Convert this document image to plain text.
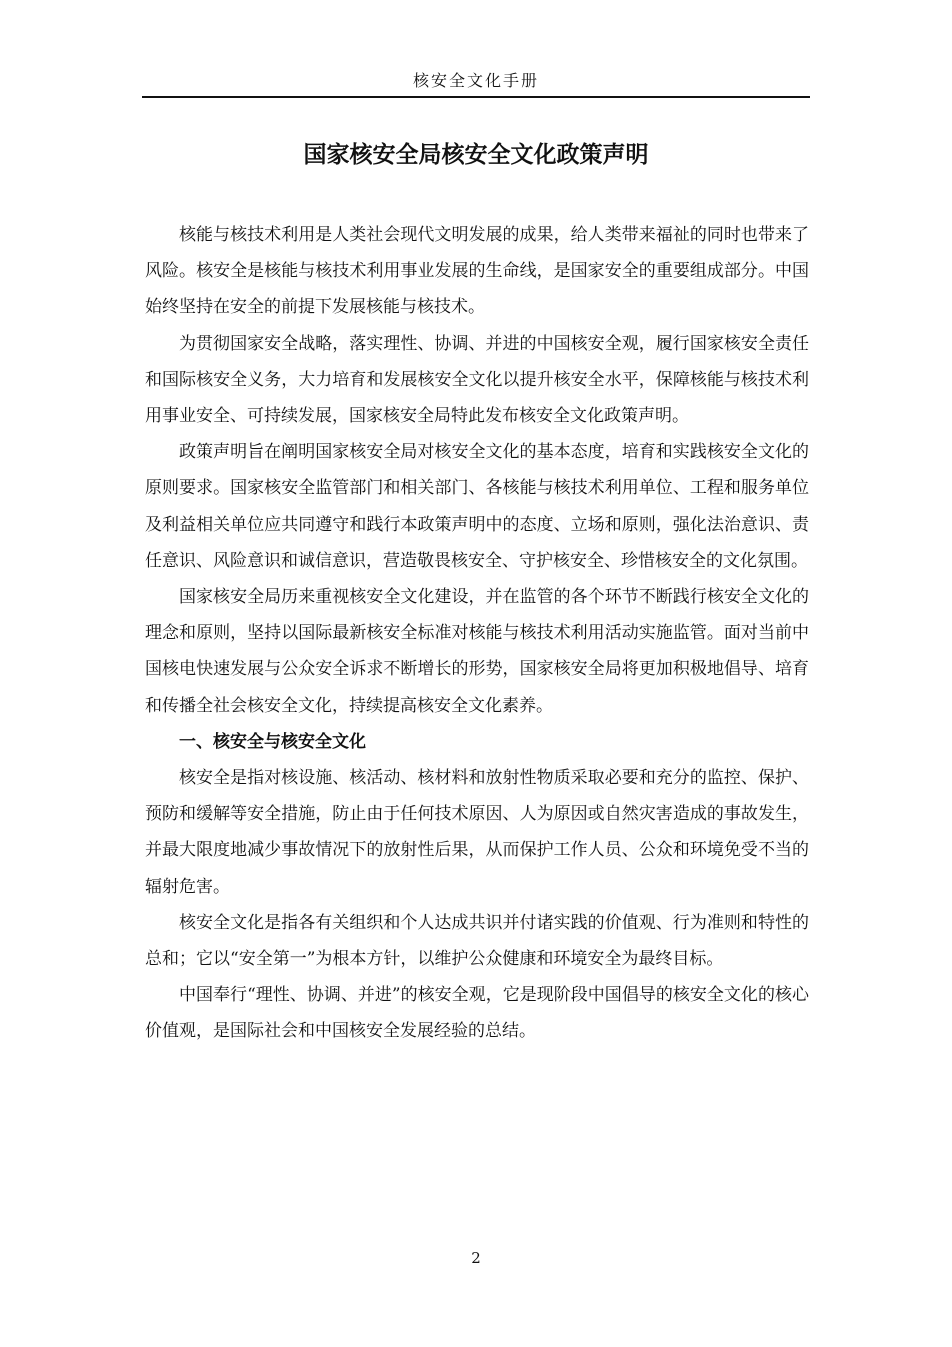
核安全文化手册
国家核安全局核安全文化政策声明

核能与核技术利用是人类社会现代文明发展的成果，给人类带来福祉的同时也带来了风险。核安全是核能与核技术利用事业发展的生命线，是国家安全的重要组成部分。中国始终坚持在安全的前提下发展核能与核技术。

为贯彻国家安全战略，落实理性、协调、并进的中国核安全观，履行国家核安全责任和国际核安全义务，大力培育和发展核安全文化以提升核安全水平，保障核能与核技术利用事业安全、可持续发展，国家核安全局特此发布核安全文化政策声明。

政策声明旨在阐明国家核安全局对核安全文化的基本态度，培育和实践核安全文化的原则要求。国家核安全监管部门和相关部门、各核能与核技术利用单位、工程和服务单位及利益相关单位应共同遵守和践行本政策声明中的态度、立场和原则，强化法治意识、责任意识、风险意识和诚信意识，营造敬畏核安全、守护核安全、珍惜核安全的文化氛围。

国家核安全局历来重视核安全文化建设，并在监管的各个环节不断践行核安全文化的理念和原则，坚持以国际最新核安全标准对核能与核技术利用活动实施监管。面对当前中国核电快速发展与公众安全诉求不断增长的形势，国家核安全局将更加积极地倡导、培育和传播全社会核安全文化，持续提高核安全文化素养。

一、核安全与核安全文化

核安全是指对核设施、核活动、核材料和放射性物质采取必要和充分的监控、保护、预防和缓解等安全措施，防止由于任何技术原因、人为原因或自然灾害造成的事故发生，并最大限度地减少事故情况下的放射性后果，从而保护工作人员、公众和环境免受不当的辐射危害。

核安全文化是指各有关组织和个人达成共识并付诸实践的价值观、行为准则和特性的总和；它以“安全第一”为根本方针，以维护公众健康和环境安全为最终目标。

中国奉行“理性、协调、并进”的核安全观，它是现阶段中国倡导的核安全文化的核心价值观，是国际社会和中国核安全发展经验的总结。

2
